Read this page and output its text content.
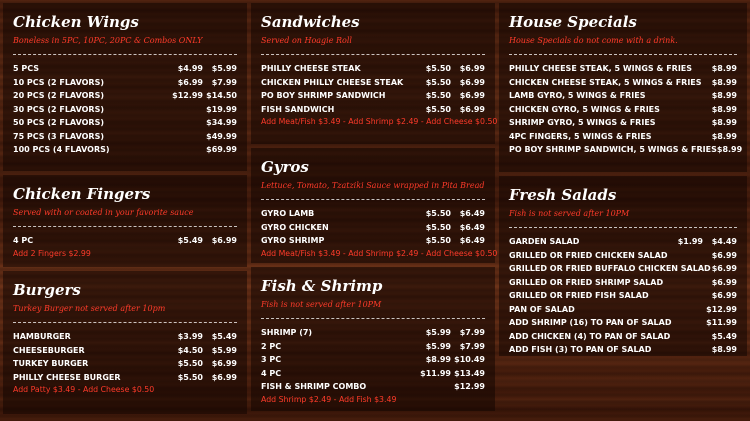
Chicken Wings
Boneless in 5PC, 10PC, 20PC & Combos ONLY
5 PCS	$4.99	$5.99
10 PCS (2 FLAVORS)	$6.99	$7.99
20 PCS (2 FLAVORS)	$12.99 $14.50
30 PCS (2 FLAVORS)	$19.99
50 PCS (2 FLAVORS)	$34.99
75 PCS (3 FLAVORS)	$49.99
100 PCS (4 FLAVORS)	$69.99
Chicken Fingers
Served with or coated in your favorite sauce
4 PC	$5.49	$6.99
Add 2 Fingers $2.99
Burgers
Turkey Burger not served after 10pm
HAMBURGER	$3.99	$5.49
CHEESEBURGER	$4.50	$5.99
TURKEY BURGER	$5.50	$6.99
PHILLY CHEESE BURGER	$5.50	$6.99
Add Patty $3.49 - Add Cheese $0.50
Sandwiches
Served on Hoagie Roll
PHILLY CHEESE STEAK	$5.50	$6.99
CHICKEN PHILLY CHEESE STEAK	$5.50	$6.99
PO BOY SHRIMP SANDWICH	$5.50	$6.99
FISH SANDWICH	$5.50	$6.99
Add Meat/Fish $3.49 - Add Shrimp $2.49 - Add Cheese $0.50
Gyros
Lettuce, Tomato, Tzatziki Sauce wrapped in Pita Bread
GYRO LAMB	$5.50	$6.49
GYRO CHICKEN	$5.50	$6.49
GYRO SHRIMP	$5.50	$6.49
Add Meat/Fish $3.49 - Add Shrimp $2.49 - Add Cheese $0.50
Fish & Shrimp
Fish is not served after 10PM
SHRIMP (7)	$5.99	$7.99
2 PC	$5.99	$7.99
3 PC	$8.99 $10.49
4 PC	$11.99 $13.49
FISH & SHRIMP COMBO	$12.99
Add Shrimp $2.49 - Add Fish $3.49
House Specials
House Specials do not come with a drink.
PHILLY CHEESE STEAK, 5 WINGS & FRIES $8.99
CHICKEN CHEESE STEAK, 5 WINGS & FRIES $8.99
LAMB GYRO, 5 WINGS & FRIES	$8.99
CHICKEN GYRO, 5 WINGS & FRIES	$8.99
SHRIMP GYRO, 5 WINGS & FRIES	$8.99
4PC FINGERS, 5 WINGS & FRIES	$8.99
PO BOY SHRIMP SANDWICH, 5 WINGS & FRIES $8.99
Fresh Salads
Fish is not served after 10PM
GARDEN SALAD	$1.99	$4.49
GRILLED OR FRIED CHICKEN SALAD	$6.99
GRILLED OR FRIED BUFFALO CHICKEN SALAD $6.99
GRILLED OR FRIED SHRIMP SALAD	$6.99
GRILLED OR FRIED FISH SALAD	$6.99
PAN OF SALAD	$12.99
ADD SHRIMP (16) TO PAN OF SALAD	$11.99
ADD CHICKEN (4) TO PAN OF SALAD	$5.49
ADD FISH (3) TO PAN OF SALAD	$8.99
